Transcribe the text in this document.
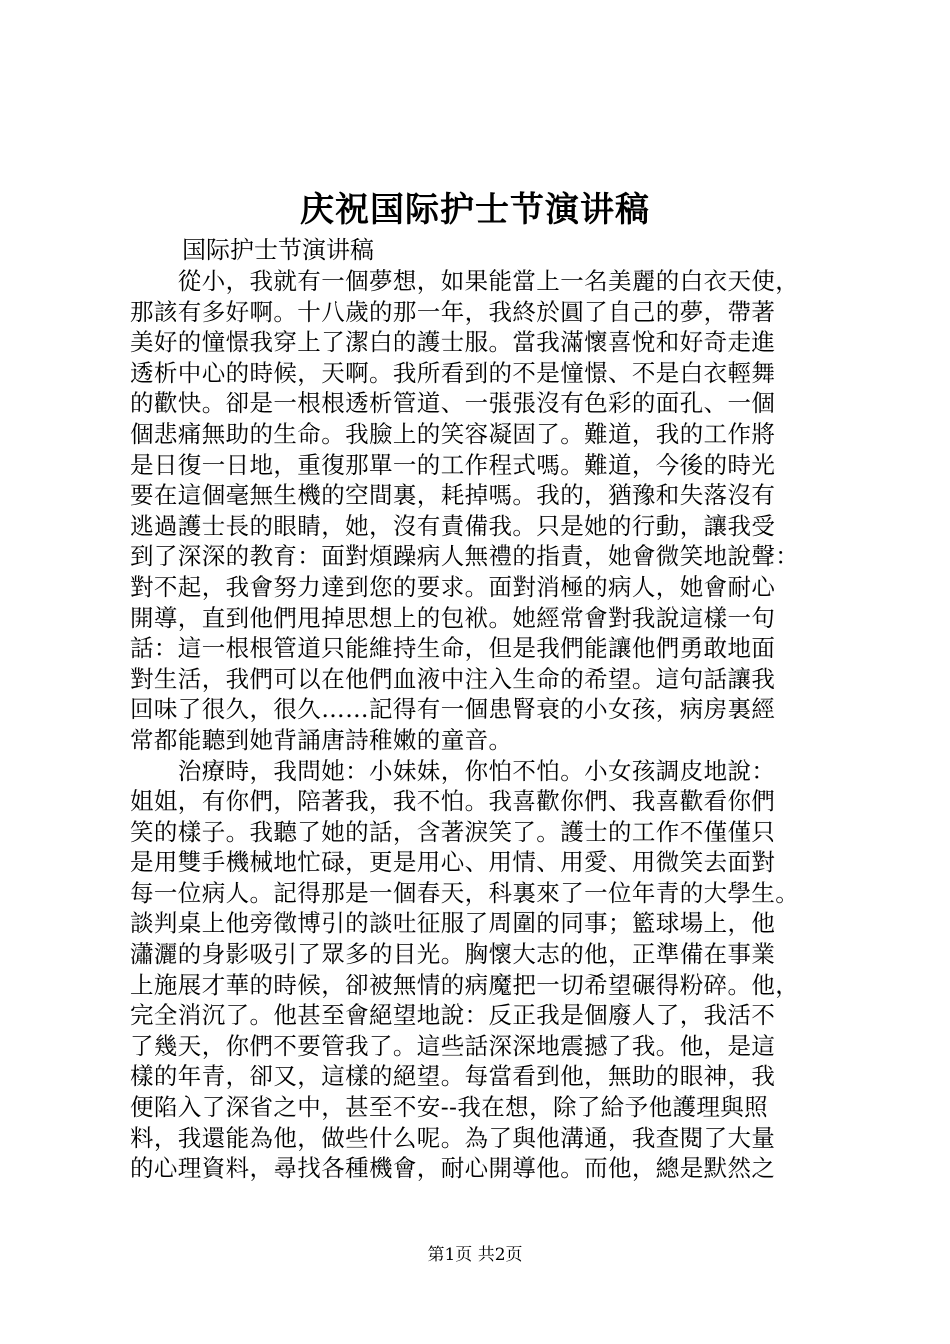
庆祝国际护士节演讲稿
国际护士节演讲稿
　　從小，我就有一個夢想，如果能當上一名美麗的白衣天使，
那該有多好啊。十八歲的那一年，我終於圓了自己的夢，帶著
美好的憧憬我穿上了潔白的護士服。當我滿懷喜悅和好奇走進
透析中心的時候，天啊。我所看到的不是憧憬、不是白衣輕舞
的歡快。卻是一根根透析管道、一張張沒有色彩的面孔、一個
個悲痛無助的生命。我臉上的笑容凝固了。難道，我的工作將
是日復一日地，重復那單一的工作程式嗎。難道，今後的時光
要在這個毫無生機的空間裏，耗掉嗎。我的，猶豫和失落沒有
逃過護士長的眼睛，她，沒有責備我。只是她的行動，讓我受
到了深深的教育：面對煩躁病人無禮的指責，她會微笑地說聲：
對不起，我會努力達到您的要求。面對消極的病人，她會耐心
開導，直到他們甩掉思想上的包袱。她經常會對我說這樣一句
話：這一根根管道只能維持生命，但是我們能讓他們勇敢地面
對生活，我們可以在他們血液中注入生命的希望。這句話讓我
回味了很久，很久……記得有一個患腎衰的小女孩，病房裏經
常都能聽到她背誦唐詩稚嫩的童音。
　　治療時，我問她：小妹妹，你怕不怕。小女孩調皮地說：
姐姐，有你們，陪著我，我不怕。我喜歡你們、我喜歡看你們
笑的樣子。我聽了她的話，含著淚笑了。護士的工作不僅僅只
是用雙手機械地忙碌，更是用心、用情、用愛、用微笑去面對
每一位病人。記得那是一個春天，科裏來了一位年青的大學生。
談判桌上他旁徵博引的談吐征服了周圍的同事；籃球場上，他
瀟灑的身影吸引了眾多的目光。胸懷大志的他，正準備在事業
上施展才華的時候，卻被無情的病魔把一切希望碾得粉碎。他，
完全消沉了。他甚至會絕望地說：反正我是個廢人了，我活不
了幾天，你們不要管我了。這些話深深地震撼了我。他，是這
樣的年青，卻又，這樣的絕望。每當看到他，無助的眼神，我
便陷入了深省之中，甚至不安--我在想，除了給予他護理與照
料，我還能為他，做些什么呢。為了與他溝通，我查閱了大量
的心理資料，尋找各種機會，耐心開導他。而他，總是默然之
第1页 共2页
